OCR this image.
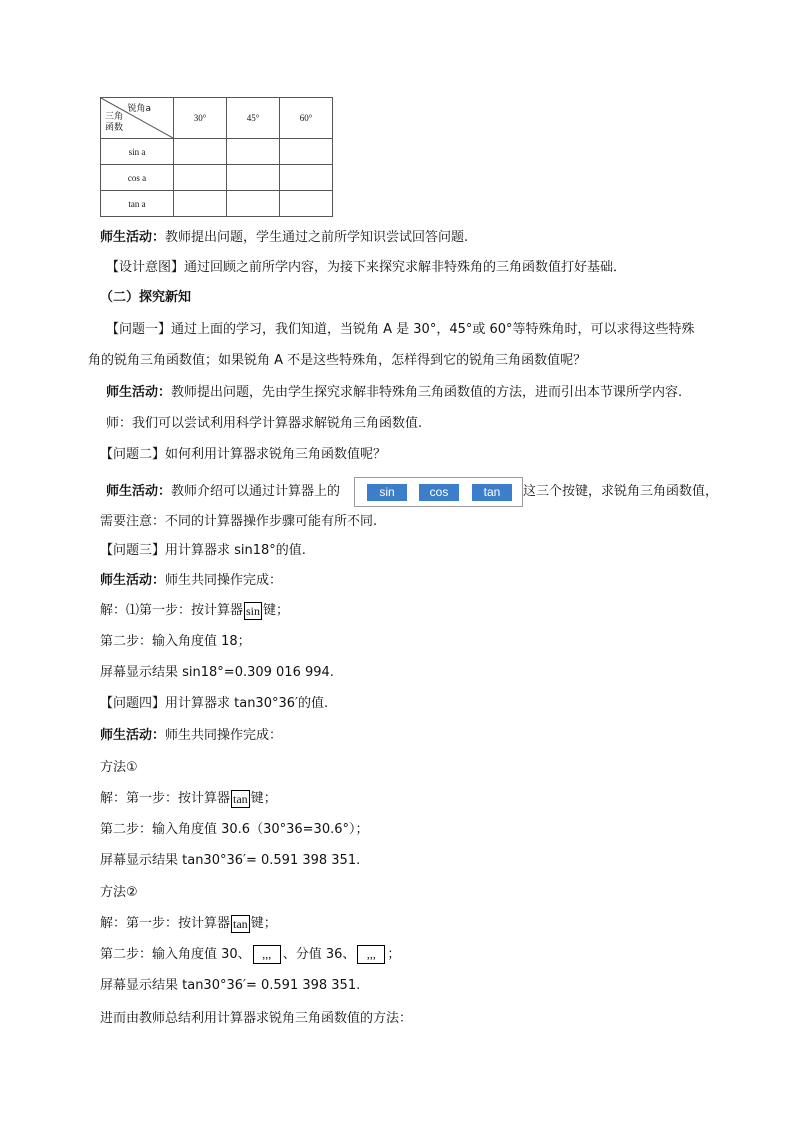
锐角a
三角
函数	30°	45°	60°
sin a			
cos a			
tan a			
师生活动：教师提出问题，学生通过之前所学知识尝试回答问题.
【设计意图】通过回顾之前所学内容，为接下来探究求解非特殊角的三角函数值打好基础．
（二）探究新知
【问题一】通过上面的学习，我们知道，当锐角 A 是 30°，45°或 60°等特殊角时，可以求得这些特殊
角的锐角三角函数值；如果锐角 A 不是这些特殊角，怎样得到它的锐角三角函数值呢？
师生活动：教师提出问题，先由学生探究求解非特殊角三角函数值的方法，进而引出本节课所学内容.
师：我们可以尝试利用科学计算器求解锐角三角函数值.
【问题二】如何利用计算器求锐角三角函数值呢？
师生活动：教师介绍可以通过计算器上的	sin	cos	tan	这三个按键，求锐角三角函数值，
需要注意：不同的计算器操作步骤可能有所不同.
【问题三】用计算器求 sin18°的值.
师生活动：师生共同操作完成：
解：⑴第一步：按计算器 sin 键；
第二步：输入角度值 18；
屏幕显示结果 sin18°=0.309 016 994.
【问题四】用计算器求 tan30°36′的值.
师生活动：师生共同操作完成：
方法①
解：第一步：按计算器 tan 键；
第二步：输入角度值 30.6（30°36=30.6°）；
屏幕显示结果 tan30°36′= 0.591 398 351.
方法②
解：第一步：按计算器 tan 键；
第二步：输入角度值 30、 ,,, 、分值 36、 ,,, ；
屏幕显示结果 tan30°36′= 0.591 398 351.
进而由教师总结利用计算器求锐角三角函数值的方法：
